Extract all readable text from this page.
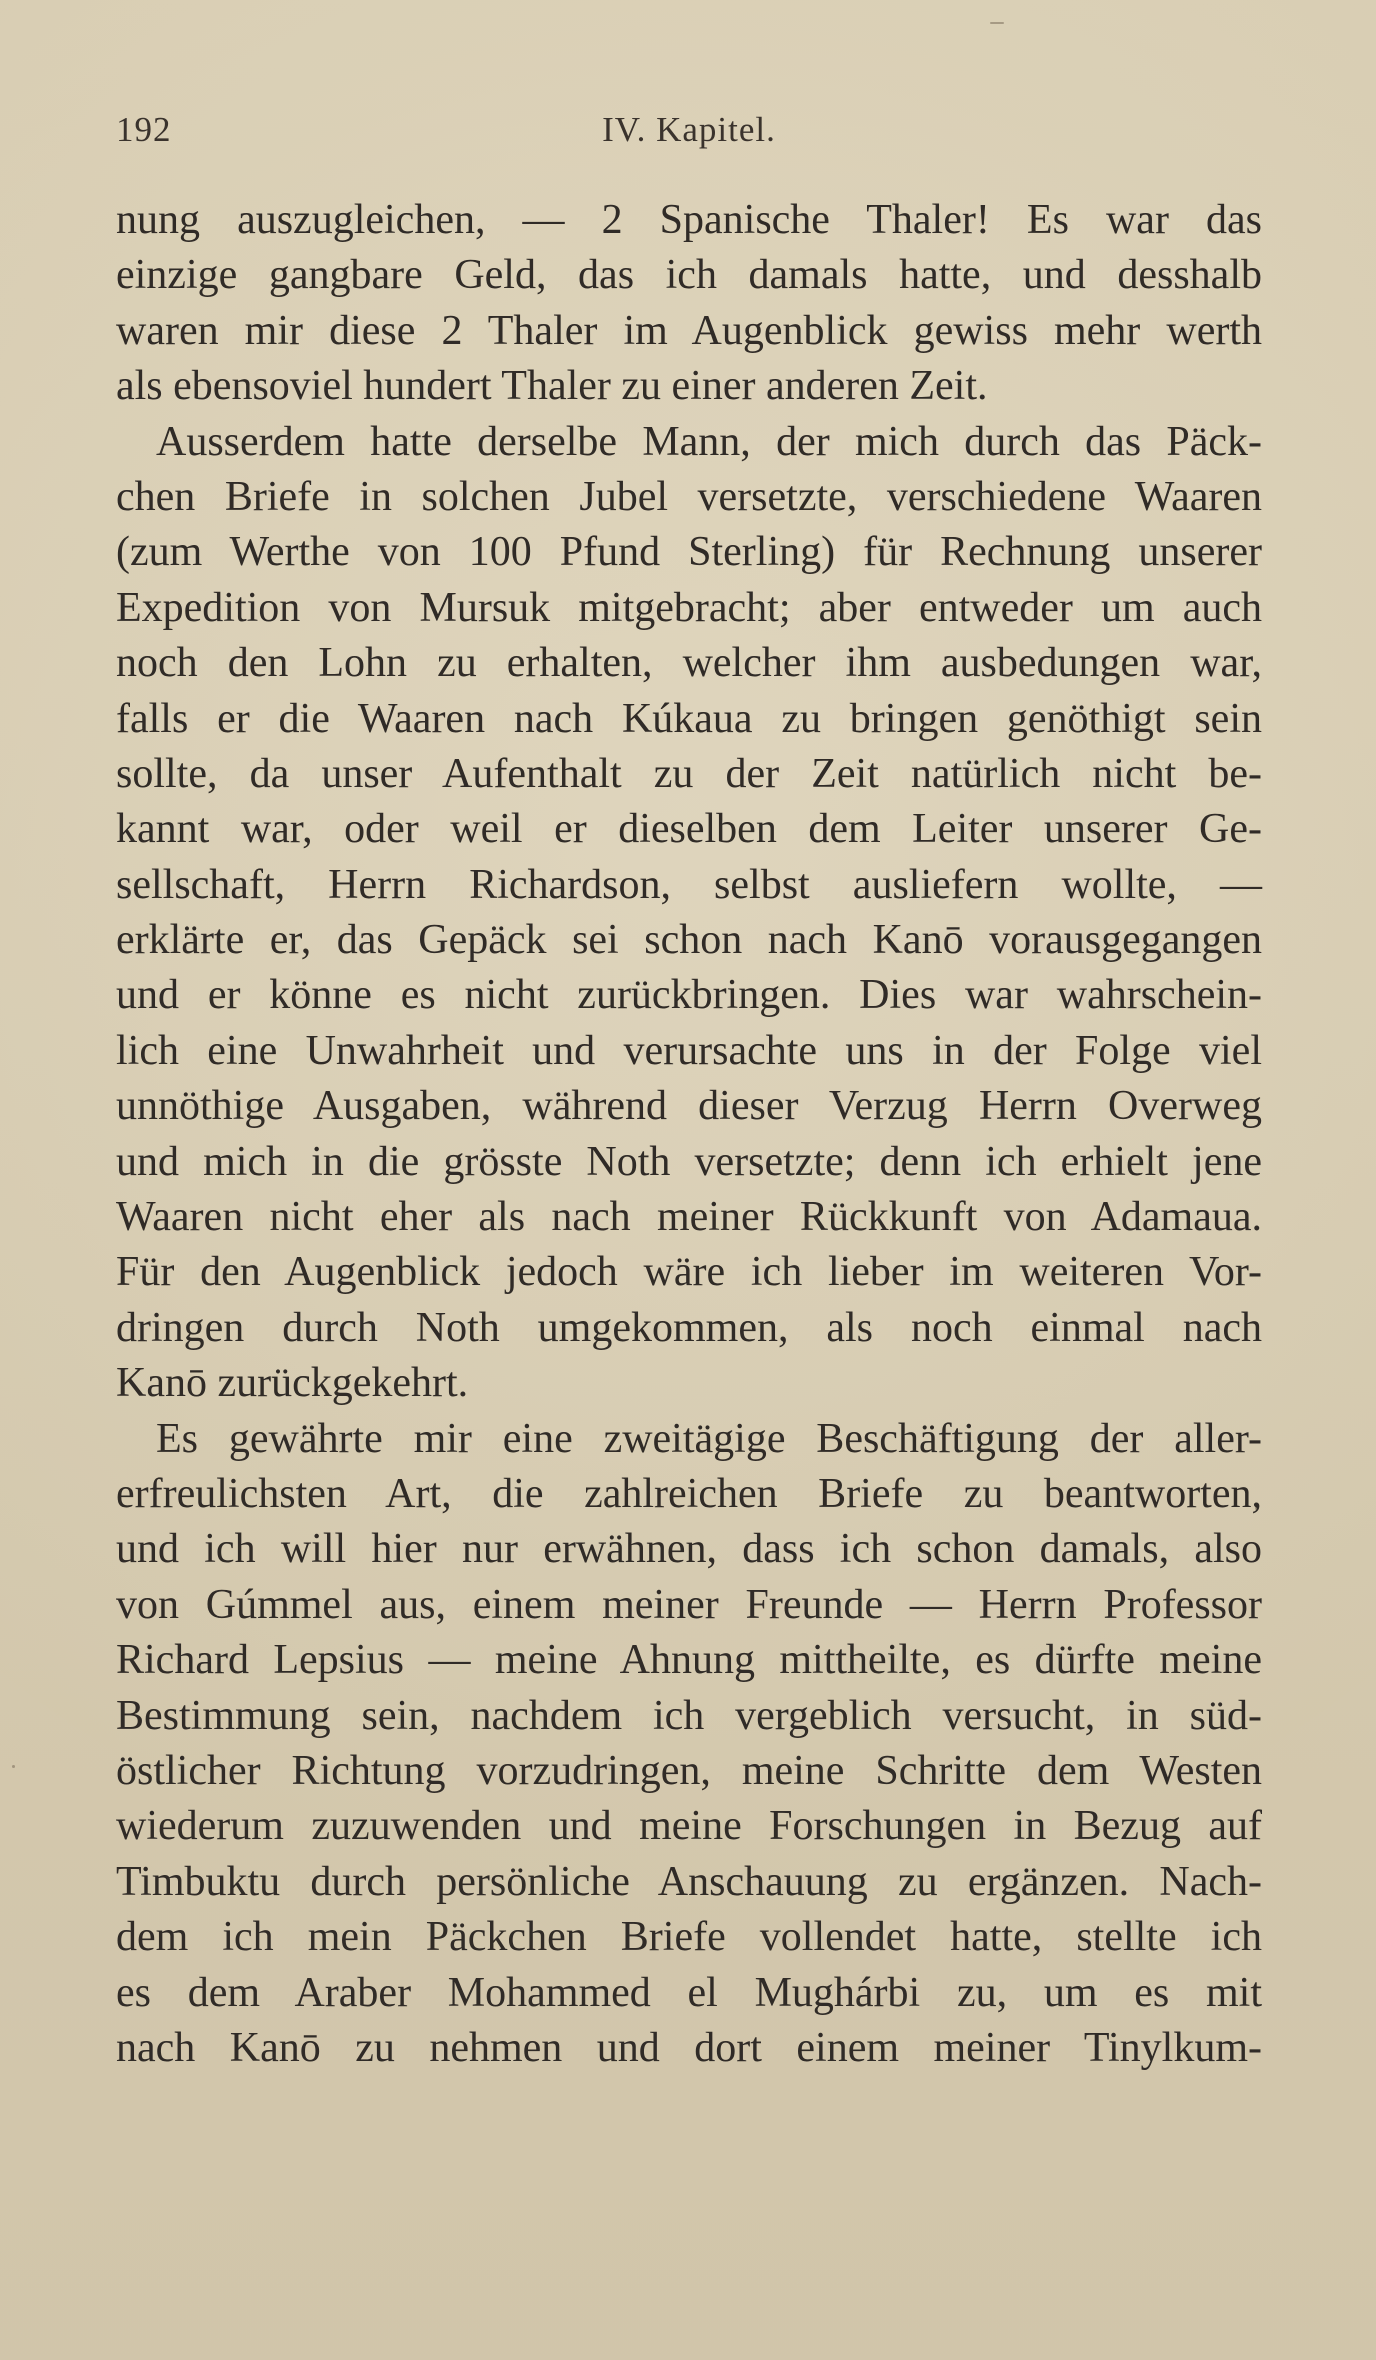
192	IV. Kapitel.
nung auszugleichen, — 2 Spanische Thaler! Es war das
einzige gangbare Geld, das ich damals hatte, und desshalb
waren mir diese 2 Thaler im Augenblick gewiss mehr werth
als ebensoviel hundert Thaler zu einer anderen Zeit.
Ausserdem hatte derselbe Mann, der mich durch das Päck-
chen Briefe in solchen Jubel versetzte, verschiedene Waaren
(zum Werthe von 100 Pfund Sterling) für Rechnung unserer
Expedition von Mursuk mitgebracht; aber entweder um auch
noch den Lohn zu erhalten, welcher ihm ausbedungen war,
falls er die Waaren nach Kúkaua zu bringen genöthigt sein
sollte, da unser Aufenthalt zu der Zeit natürlich nicht be-
kannt war, oder weil er dieselben dem Leiter unserer Ge-
sellschaft, Herrn Richardson, selbst ausliefern wollte, —
erklärte er, das Gepäck sei schon nach Kanō vorausgegangen
und er könne es nicht zurückbringen. Dies war wahrschein-
lich eine Unwahrheit und verursachte uns in der Folge viel
unnöthige Ausgaben, während dieser Verzug Herrn Overweg
und mich in die grösste Noth versetzte; denn ich erhielt jene
Waaren nicht eher als nach meiner Rückkunft von Adamaua.
Für den Augenblick jedoch wäre ich lieber im weiteren Vor-
dringen durch Noth umgekommen, als noch einmal nach
Kanō zurückgekehrt.
Es gewährte mir eine zweitägige Beschäftigung der aller-
erfreulichsten Art, die zahlreichen Briefe zu beantworten,
und ich will hier nur erwähnen, dass ich schon damals, also
von Gúmmel aus, einem meiner Freunde — Herrn Professor
Richard Lepsius — meine Ahnung mittheilte, es dürfte meine
Bestimmung sein, nachdem ich vergeblich versucht, in süd-
östlicher Richtung vorzudringen, meine Schritte dem Westen
wiederum zuzuwenden und meine Forschungen in Bezug auf
Timbuktu durch persönliche Anschauung zu ergänzen. Nach-
dem ich mein Päckchen Briefe vollendet hatte, stellte ich
es dem Araber Mohammed el Mughárbi zu, um es mit
nach Kanō zu nehmen und dort einem meiner Tinylkum-
